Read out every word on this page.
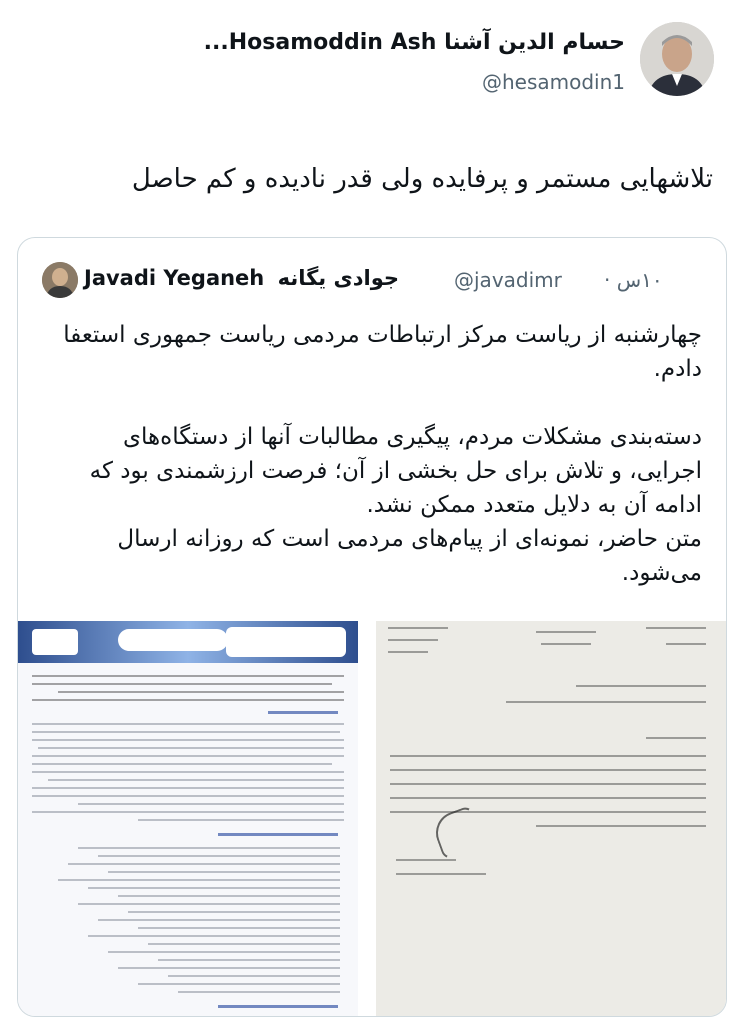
حسام الدین آشنا Hosamoddin Ash...
@hesamodin1
تلاشهایی مستمر و پرفایده ولی قدر نادیده و کم حاصل
Javadi Yeganeh جوادی یگانه	@javadimr ۱۰س ·

چهارشنبه از ریاست مرکز ارتباطات مردمی ریاست جمهوری استعفا دادم.

دسته‌بندی مشکلات مردم، پیگیری مطالبات آنها از دستگاه‌های اجرایی، و تلاش برای حل بخشی از آن؛ فرصت ارزشمندی بود که ادامه آن به دلایل متعدد ممکن نشد.

متن حاضر، نمونه‌ای از پیام‌های مردمی است که روزانه ارسال می‌شود.
